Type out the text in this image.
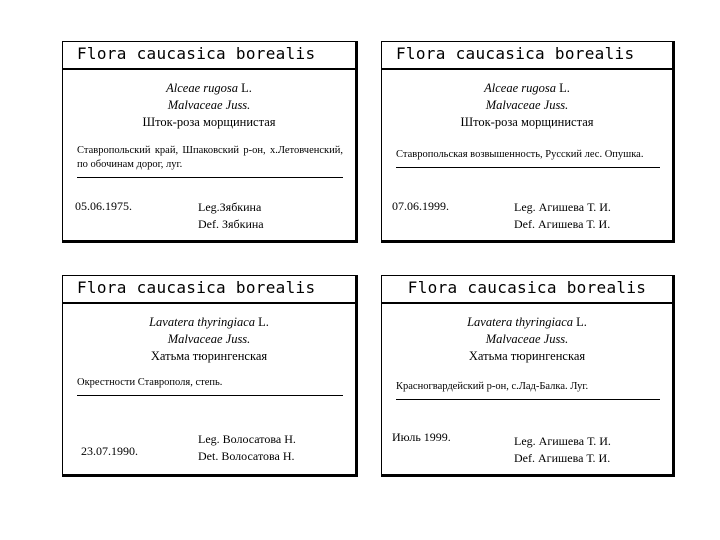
Flora caucasica borealis
Alceae rugosa L.
Malvaceae Juss.
Шток-роза морщинистая
Ставропольский край, Шпаковский р-он, х.Летовченский, по обочинам дорог, луг.
05.06.1975.	Leg.Зябкина
Def. Зябкина
Flora caucasica borealis
Alceae rugosa L.
Malvaceae Juss.
Шток-роза морщинистая
Ставропольская возвышенность, Русский лес. Опушка.
07.06.1999.	Leg. Агишева Т. И.
Def. Агишева Т. И.
Flora caucasica borealis
Lavatera thyringiaca L.
Malvaceae Juss.
Хатьма тюрингенская
Окрестности Ставрополя, степь.
23.07.1990.
Leg. Волосатова Н.
Det. Волосатова Н.
Flora caucasica borealis
Lavatera thyringiaca L.
Malvaceae Juss.
Хатьма тюрингенская
Красногвардейский р-он, с.Лад-Балка. Луг.
Июль 1999.	Leg. Агишева Т. И.
Def. Агишева Т. И.
